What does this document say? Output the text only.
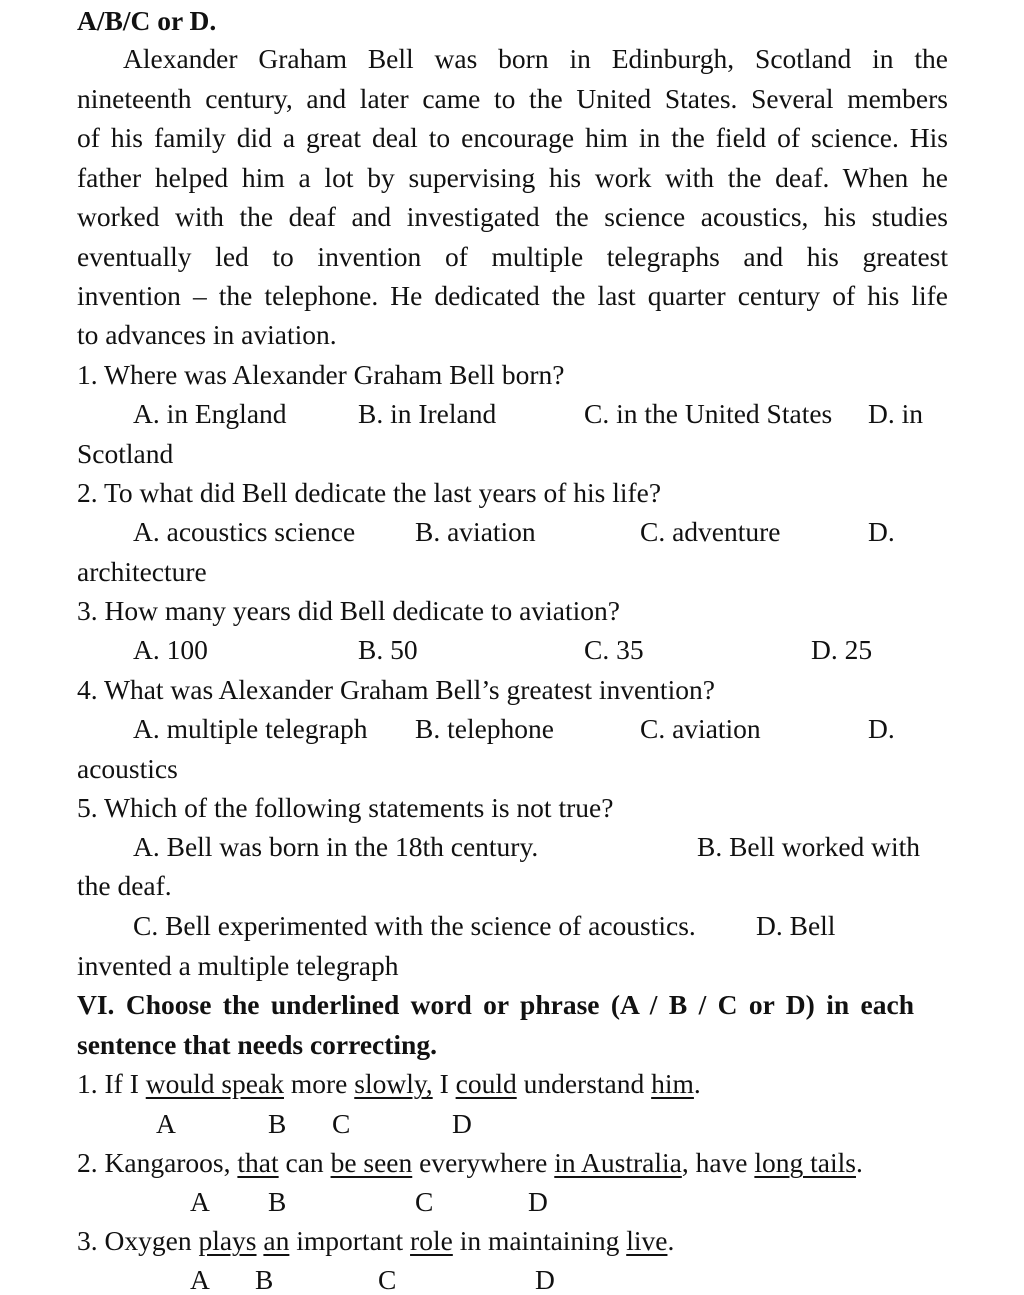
A/B/C or D.
Alexander Graham Bell was born in Edinburgh, Scotland in the
nineteenth century, and later came to the United States. Several members
of his family did a great deal to encourage him in the field of science. His
father helped him a lot by supervising his work with the deaf. When he
worked with the deaf and investigated the science acoustics, his studies
eventually led to invention of multiple telegraphs and his greatest
invention – the telephone. He dedicated the last quarter century of his life
to advances in aviation.
1. Where was Alexander Graham Bell born?
A. in England	B. in Ireland	C. in the United States D. in
Scotland
2. To what did Bell dedicate the last years of his life?
A. acoustics science B. aviation	C. adventure	D.
architecture
3. How many years did Bell dedicate to aviation?
A. 100	B. 50	C. 35	D. 25
4. What was Alexander Graham Bell’s greatest invention?
A. multiple telegraph B. telephone	C. aviation	D.
acoustics
5. Which of the following statements is not true?
A. Bell was born in the 18th century.	B. Bell worked with
the deaf.
C. Bell experimented with the science of acoustics. D. Bell
invented a multiple telegraph
VI. Choose the underlined word or phrase (A / B / C or D) in each
sentence that needs correcting.
1. If I would speak more slowly, I could understand him.
A	B C	D
2. Kangaroos, that can be seen everywhere in Australia, have long tails.
A B	C	D
3. Oxygen plays an important role in maintaining live.
A B	C	D
